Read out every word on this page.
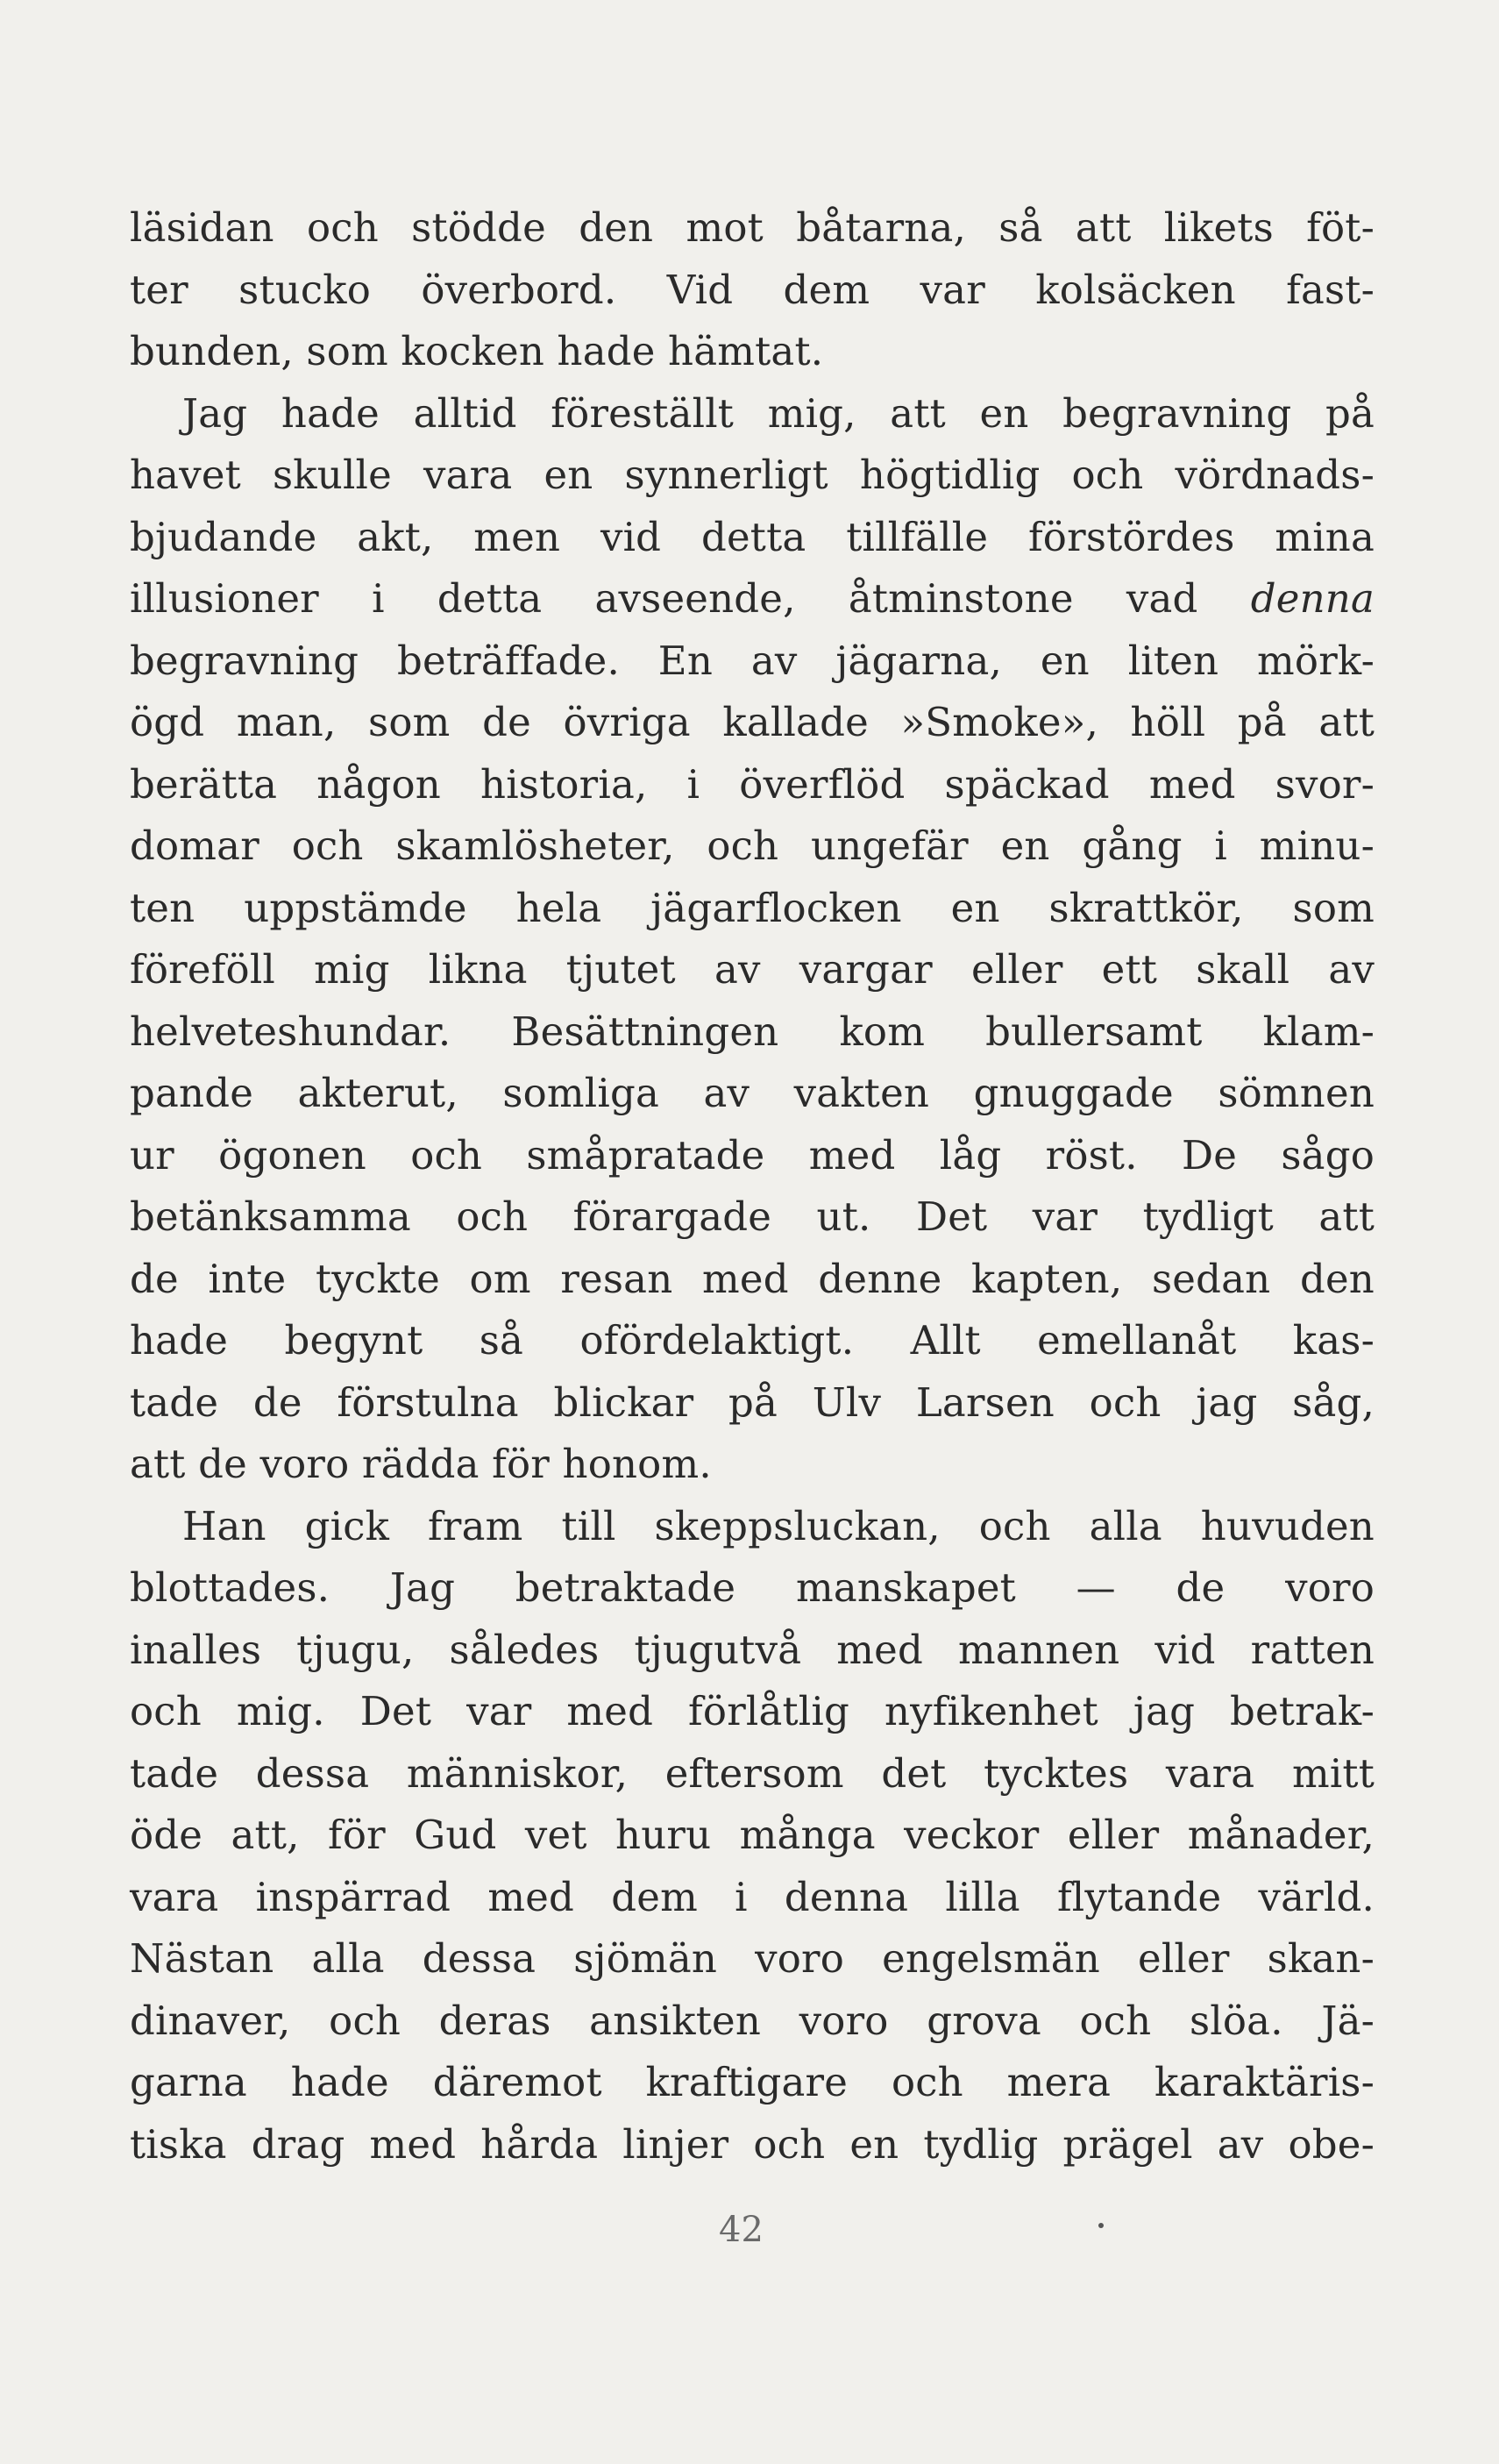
läsidan och stödde den mot båtarna, så att likets föt-
ter stucko överbord. Vid dem var kolsäcken fast-
bunden, som kocken hade hämtat.
Jag hade alltid föreställt mig, att en begravning på
havet skulle vara en synnerligt högtidlig och vördnads-
bjudande akt, men vid detta tillfälle förstördes mina
illusioner i detta avseende, åtminstone vad denna
begravning beträffade. En av jägarna, en liten mörk-
ögd man, som de övriga kallade »Smoke», höll på att
berätta någon historia, i överflöd späckad med svor-
domar och skamlösheter, och ungefär en gång i minu-
ten uppstämde hela jägarflocken en skrattkör, som
föreföll mig likna tjutet av vargar eller ett skall av
helveteshundar. Besättningen kom bullersamt klam-
pande akterut, somliga av vakten gnuggade sömnen
ur ögonen och småpratade med låg röst. De sågo
betänksamma och förargade ut. Det var tydligt att
de inte tyckte om resan med denne kapten, sedan den
hade begynt så ofördelaktigt. Allt emellanåt kas-
tade de förstulna blickar på Ulv Larsen och jag såg,
att de voro rädda för honom.
Han gick fram till skeppsluckan, och alla huvuden
blottades. Jag betraktade manskapet — de voro
inalles tjugu, således tjugutvå med mannen vid ratten
och mig. Det var med förlåtlig nyfikenhet jag betrak-
tade dessa människor, eftersom det tycktes vara mitt
öde att, för Gud vet huru många veckor eller månader,
vara inspärrad med dem i denna lilla flytande värld.
Nästan alla dessa sjömän voro engelsmän eller skan-
dinaver, och deras ansikten voro grova och slöa. Jä-
garna hade däremot kraftigare och mera karaktäris-
tiska drag med hårda linjer och en tydlig prägel av obe-
42
